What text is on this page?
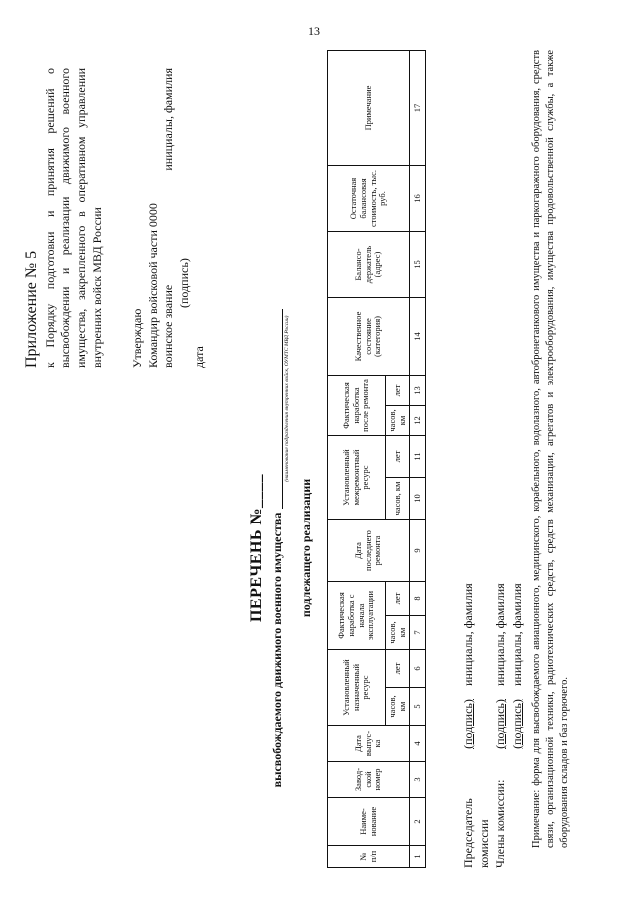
13
Приложение № 5 к Порядку подготовки и принятия решений о высвобождении и реализации движимого военного имущества, закрепленного в оперативном управлении внутренних войск МВД России Утверждаю Командир войсковой части 0000 воинское звание
инициалы, фамилия
(подпись)
дата
ПЕРЕЧЕНЬ №____ высвобождаемого движимого военного имущества
(наименование подразделения внутренних войск, ОУМТС МВД России)
подлежащего реализации
№ п/п	Наиме-нование	Завод-ской номер	Дата выпус-ка	Установленный назначенный ресурс		Фактическая наработка с начала эксплуатации		Дата последнего ремонта	Установленный межремонтный ресурс		Фактическая наработка после ремонта		Качественное состояние (категория)	Балансо-держатель (адрес)	Остаточная балансовая стоимость, тыс. руб.	Примечание
				часов, км	лет	часов, км	лет		часов, км	лет	часов, км	лет				
1	2	3	4	5	6	7	8	9	10	11	12	13	14	15	16	17
Председатель комиссии
(подпись)
инициалы, фамилия
Члены комиссии:
(подпись)
инициалы, фамилия
(подпись)
инициалы, фамилия Примечание: форма для высвобождаемого авиационного, медицинского, корабельного, водолазного, автобронетанкового имущества и паркогаражного оборудования, средств связи, организационной техники, радиотехнических средств, средств механизации, агрегатов и электрооборудования, имущества продовольственной службы, а также оборудования складов и баз горючего.
